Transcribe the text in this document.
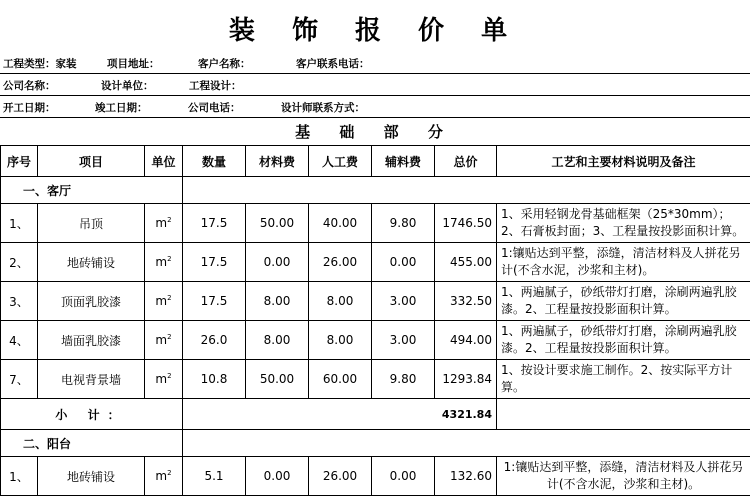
装 饰 报 价 单
工程类型：家装	项目地址：	客户名称：	客户联系电话：
公司名称：	设计单位：	工程设计：
开工日期：	竣工日期：	公司电话：	设计师联系方式：
基 础 部 分
序号	项目	单位	数量	材料费	人工费	辅料费	总价	工艺和主要材料说明及备注
一、客厅								
1、	吊顶	$m^2$	17.5	50.00	40.00	9.80	1746.50	1、采用轻钢龙骨基础框架（25*30mm）；2、石膏板封面；3、工程量按投影面积计算。
2、	地砖铺设	$m^2$	17.5	0.00	26.00	0.00	455.00	1:镶贴达到平整，添缝，清洁材料及人拼花另计(不含水泥，沙浆和主材)。
3、	顶面乳胶漆	$m^2$	17.5	8.00	8.00	3.00	332.50	1、两遍腻子，砂纸带灯打磨，涂刷两遍乳胶漆。2、工程量按投影面积计算。
4、	墙面乳胶漆	$m^2$	26.0	8.00	8.00	3.00	494.00	1、两遍腻子，砂纸带灯打磨，涂刷两遍乳胶漆。2、工程量按投影面积计算。
7、	电视背景墙	$m^2$	10.8	50.00	60.00	9.80	1293.84	1、按设计要求施工制作。2、按实际平方计算。
小 计：			4321.84					
二、阳台								
1、	地砖铺设	$m^2$	5.1	0.00	26.00	0.00	132.60	1:镶贴达到平整，添缝，清洁材料及人拼花另计(不含水泥，沙浆和主材)。
